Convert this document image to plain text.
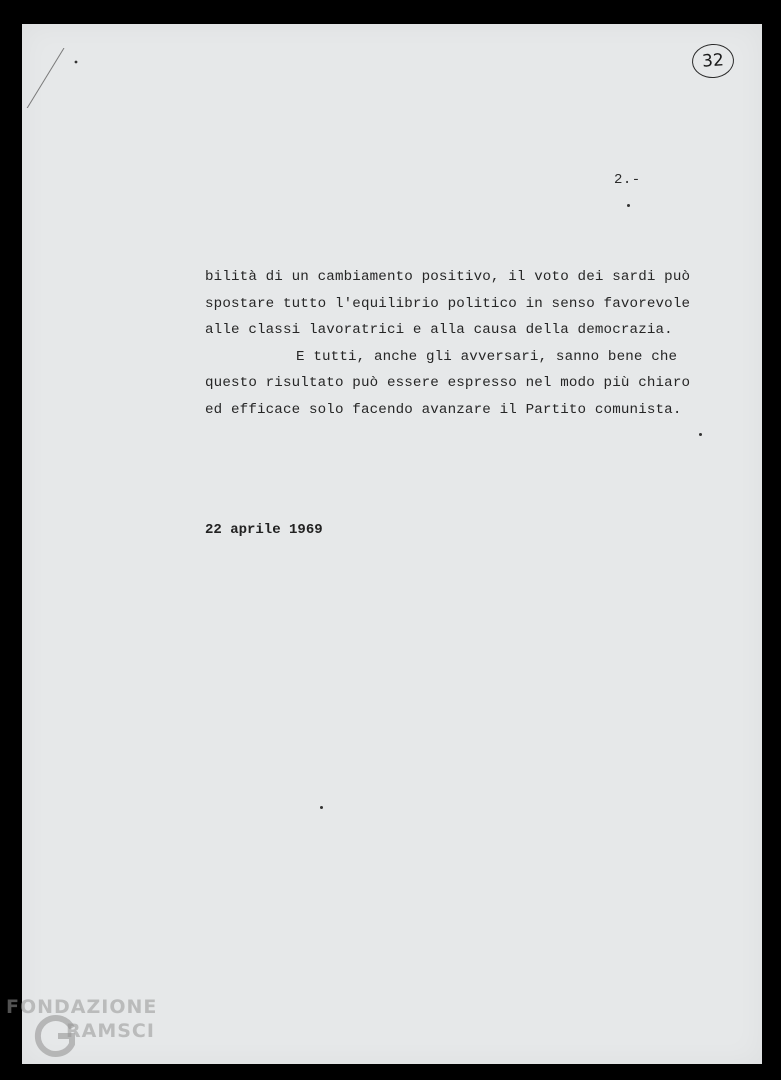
32
2.-
bilità di un cambiamento positivo, il voto dei sardi può
spostare tutto l'equilibrio politico in senso favorevole
alle classi lavoratrici e alla causa della democrazia.
E tutti, anche gli avversari, sanno bene che
questo risultato può essere espresso nel modo più chiaro
ed efficace solo facendo avanzare il Partito comunista.
22 aprile 1969
FONDAZIONE
RAMSCI
